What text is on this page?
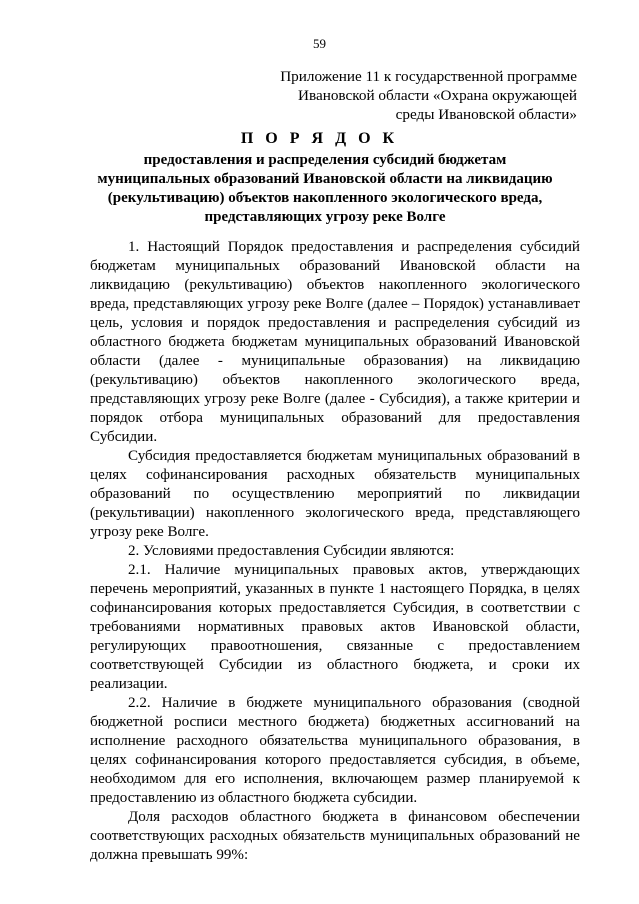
59
Приложение 11 к государственной программе
Ивановской области «Охрана окружающей
среды Ивановской области»
П О Р Я Д О К
предоставления и распределения субсидий бюджетам
муниципальных образований Ивановской области на ликвидацию
(рекультивацию) объектов накопленного экологического вреда,
представляющих угрозу реке Волге

1. Настоящий Порядок предоставления и распределения субсидий бюджетам муниципальных образований Ивановской области на ликвидацию (рекультивацию) объектов накопленного экологического вреда, представляющих угрозу реке Волге (далее – Порядок) устанавливает цель, условия и порядок предоставления и распределения субсидий из областного бюджета бюджетам муниципальных образований Ивановской области (далее - муниципальные образования) на ликвидацию (рекультивацию) объектов накопленного экологического вреда, представляющих угрозу реке Волге (далее - Субсидия), а также критерии и порядок отбора муниципальных образований для предоставления Субсидии.

Субсидия предоставляется бюджетам муниципальных образований в целях софинансирования расходных обязательств муниципальных образований по осуществлению мероприятий по ликвидации (рекультивации) накопленного экологического вреда, представляющего угрозу реке Волге.

2. Условиями предоставления Субсидии являются:

2.1. Наличие муниципальных правовых актов, утверждающих перечень мероприятий, указанных в пункте 1 настоящего Порядка, в целях софинансирования которых предоставляется Субсидия, в соответствии с требованиями нормативных правовых актов Ивановской области, регулирующих правоотношения, связанные с предоставлением соответствующей Субсидии из областного бюджета, и сроки их реализации.

2.2. Наличие в бюджете муниципального образования (сводной бюджетной росписи местного бюджета) бюджетных ассигнований на исполнение расходного обязательства муниципального образования, в целях софинансирования которого предоставляется субсидия, в объеме, необходимом для его исполнения, включающем размер планируемой к предоставлению из областного бюджета субсидии.

Доля расходов областного бюджета в финансовом обеспечении соответствующих расходных обязательств муниципальных образований не должна превышать 99%:
